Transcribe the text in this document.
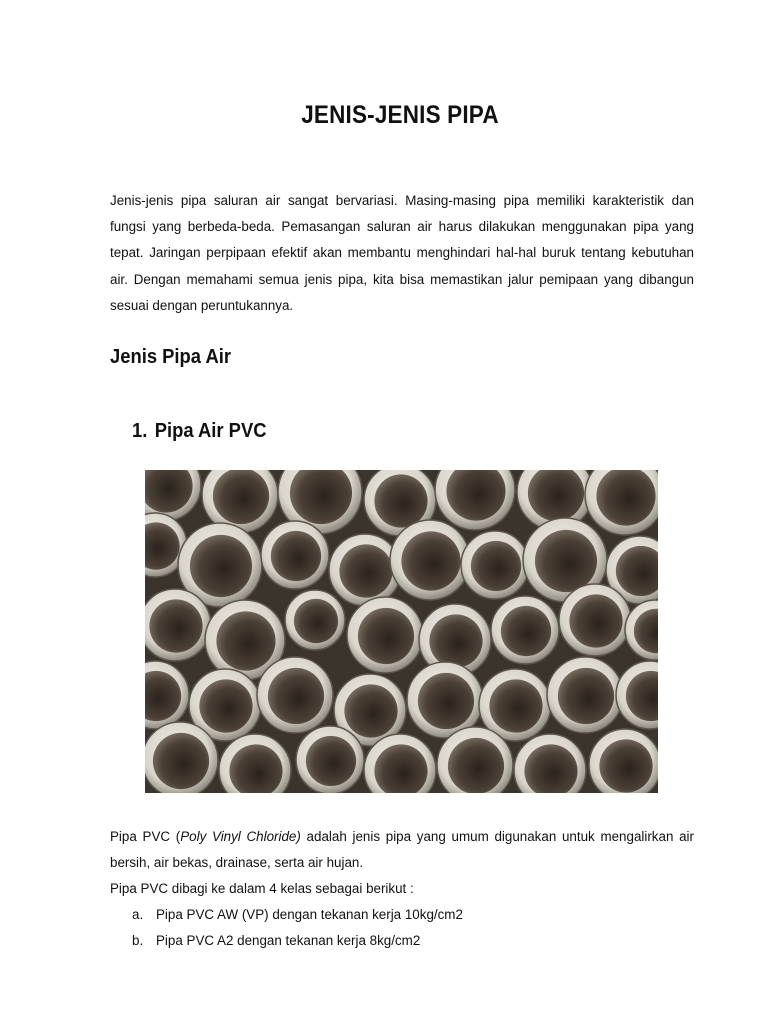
JENIS-JENIS PIPA
Jenis-jenis pipa saluran air sangat bervariasi. Masing-masing pipa memiliki karakteristik dan fungsi yang berbeda-beda. Pemasangan saluran air harus dilakukan menggunakan pipa yang tepat. Jaringan perpipaan efektif akan membantu menghindari hal-hal buruk tentang kebutuhan air. Dengan memahami semua jenis pipa, kita bisa memastikan jalur pemipaan yang dibangun sesuai dengan peruntukannya.
Jenis Pipa Air
1. Pipa Air PVC
Pipa PVC (Poly Vinyl Chloride) adalah jenis pipa yang umum digunakan untuk mengalirkan air bersih, air bekas, drainase, serta air hujan.
Pipa PVC dibagi ke dalam 4 kelas sebagai berikut :
a. Pipa PVC AW (VP) dengan tekanan kerja 10kg/cm2
b. Pipa PVC A2 dengan tekanan kerja 8kg/cm2
